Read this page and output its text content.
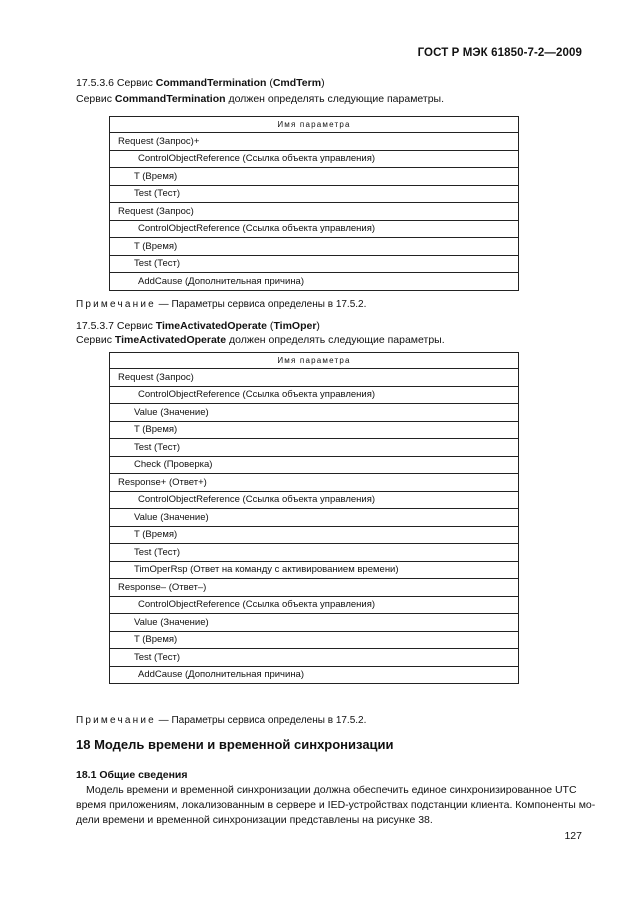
ГОСТ Р МЭК 61850-7-2—2009
17.5.3.6 Сервис CommandTermination (CmdTerm)
Сервис CommandTermination должен определять следующие параметры.
Имя параметра
Request (Запрос)+
ControlObjectReference (Ссылка объекта управления)
T (Время)
Test (Тест)
Request (Запрос)
ControlObjectReference (Ссылка объекта управления)
T (Время)
Test (Тест)
AddCause (Дополнительная причина)
Примечание — Параметры сервиса определены в 17.5.2.
17.5.3.7 Сервис TimeActivatedOperate (TimOper)
Сервис TimeActivatedOperate должен определять следующие параметры.
Имя параметра
Request (Запрос)
ControlObjectReference (Ссылка объекта управления)
Value (Значение)
T (Время)
Test (Тест)
Check (Проверка)
Response+ (Ответ+)
ControlObjectReference (Ссылка объекта управления)
Value (Значение)
T (Время)
Test (Тест)
TimOperRsp (Ответ на команду с активированием времени)
Response– (Ответ–)
ControlObjectReference (Ссылка объекта управления)
Value (Значение)
T (Время)
Test (Тест)
AddCause (Дополнительная причина)
Примечание — Параметры сервиса определены в 17.5.2.
18 Модель времени и временной синхронизации
18.1 Общие сведения
Модель времени и временной синхронизации должна обеспечить единое синхронизированное UTC
время приложениям, локализованным в сервере и IED-устройствах подстанции клиента. Компоненты мо-
дели времени и временной синхронизации представлены на рисунке 38.
127
